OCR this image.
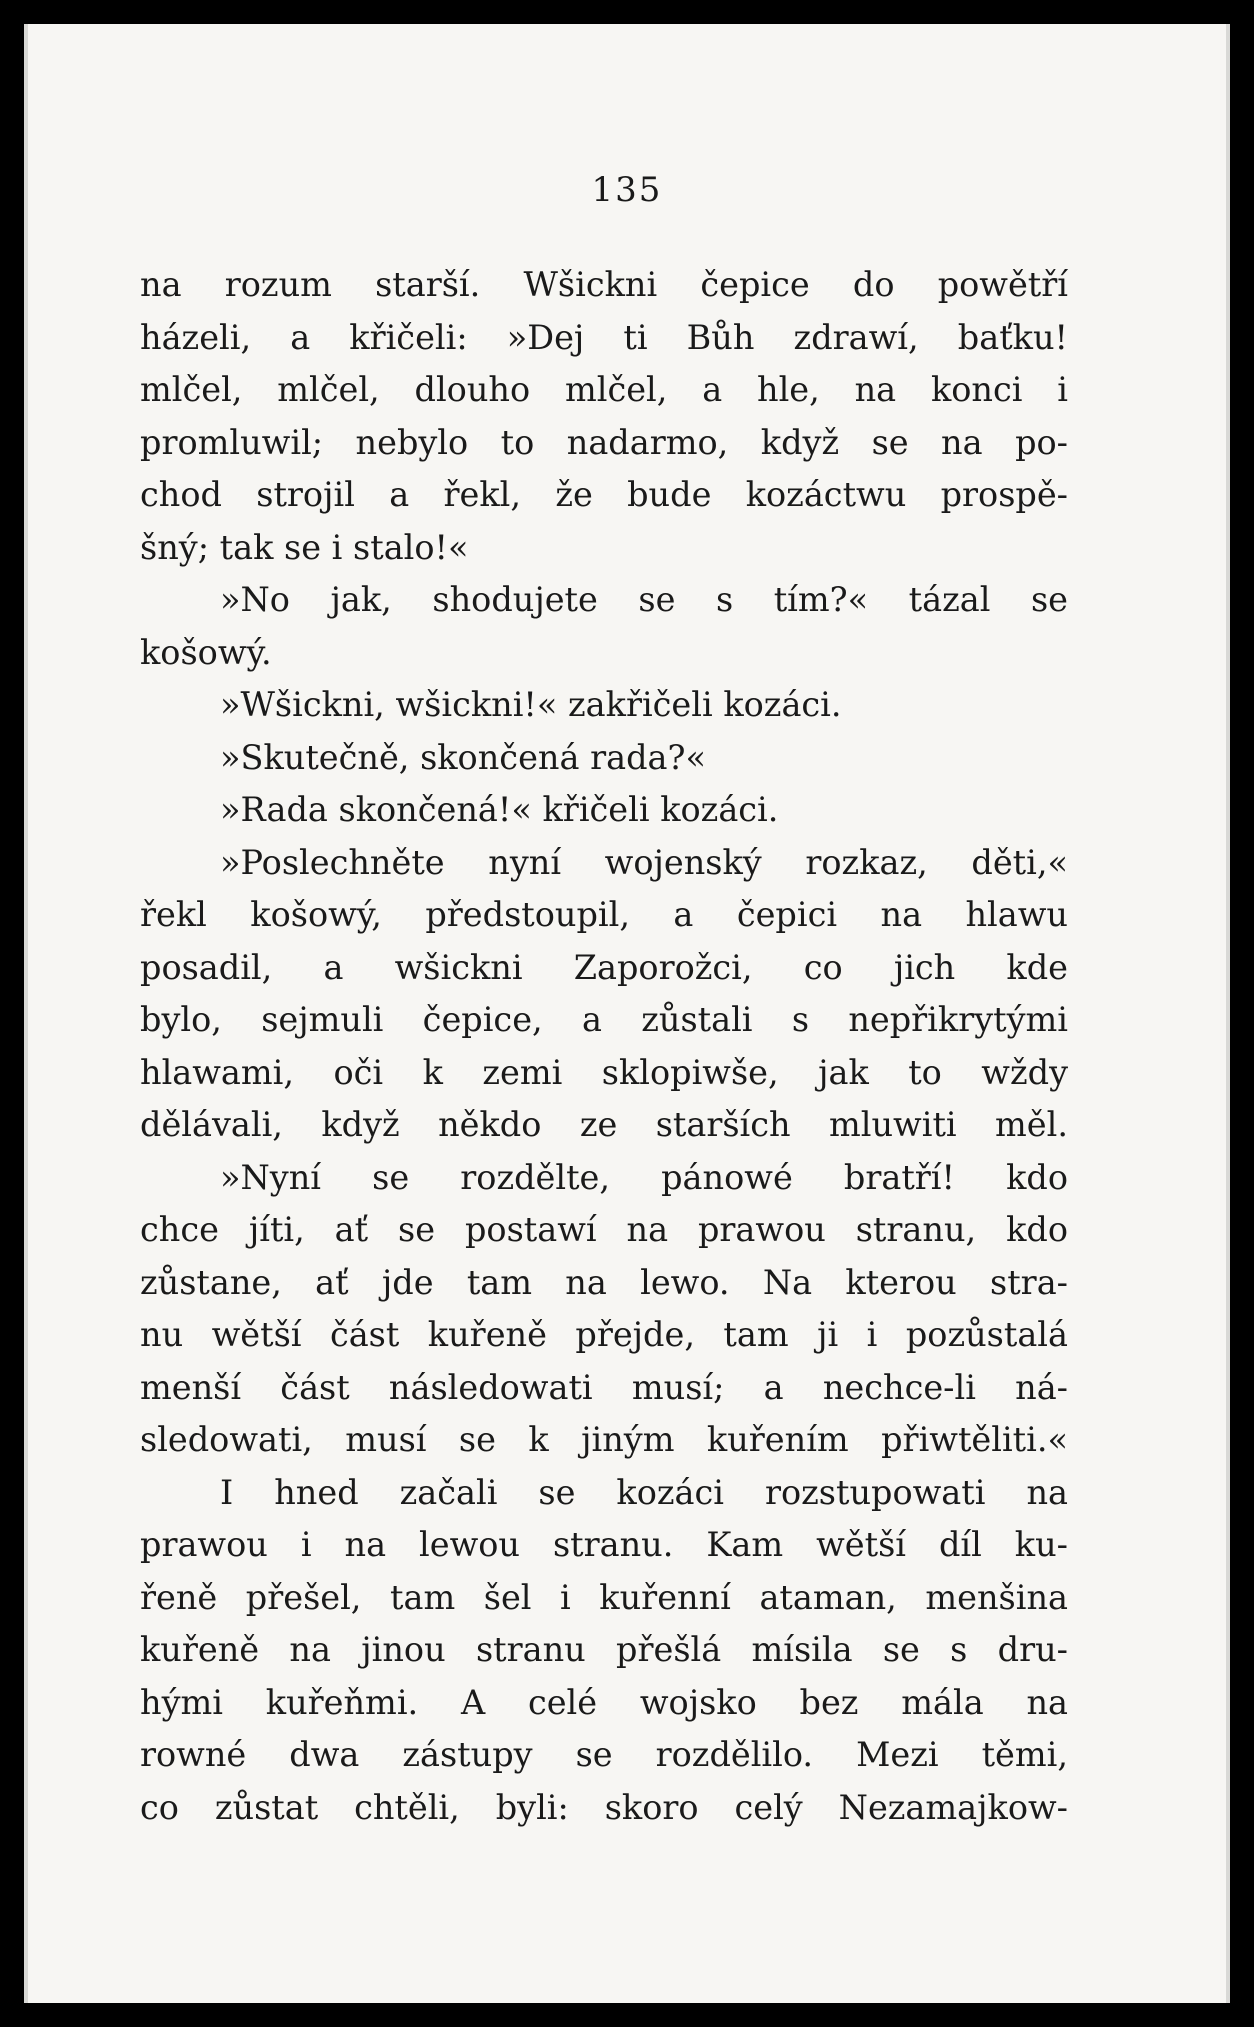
135
na rozum starší. Wšickni čepice do powětří
házeli, a křičeli: »Dej ti Bůh zdrawí, baťku!
mlčel, mlčel, dlouho mlčel, a hle, na konci i
promluwil; nebylo to nadarmo, když se na po-
chod strojil a řekl, že bude kozáctwu prospě-
šný; tak se i stalo!«
»No jak, shodujete se s tím?« tázal se
košowý.
»Wšickni, wšickni!« zakřičeli kozáci.
»Skutečně, skončená rada?«
»Rada skončená!« křičeli kozáci.
»Poslechněte nyní wojenský rozkaz, děti,«
řekl košowý, předstoupil, a čepici na hlawu
posadil, a wšickni Zaporožci, co jich kde
bylo, sejmuli čepice, a zůstali s nepřikrytými
hlawami, oči k zemi sklopiwše, jak to wždy
dělávali, když někdo ze starších mluwiti měl.
»Nyní se rozdělte, pánowé bratří! kdo
chce jíti, ať se postawí na prawou stranu, kdo
zůstane, ať jde tam na lewo. Na kterou stra-
nu wětší část kuřeně přejde, tam ji i pozůstalá
menší část následowati musí; a nechce-li ná-
sledowati, musí se k jiným kuřením přiwtěliti.«
I hned začali se kozáci rozstupowati na
prawou i na lewou stranu. Kam wětší díl ku-
řeně přešel, tam šel i kuřenní ataman, menšina
kuřeně na jinou stranu přešlá mísila se s dru-
hými kuřeňmi. A celé wojsko bez mála na
rowné dwa zástupy se rozdělilo. Mezi těmi,
co zůstat chtěli, byli: skoro celý Nezamajkow-
